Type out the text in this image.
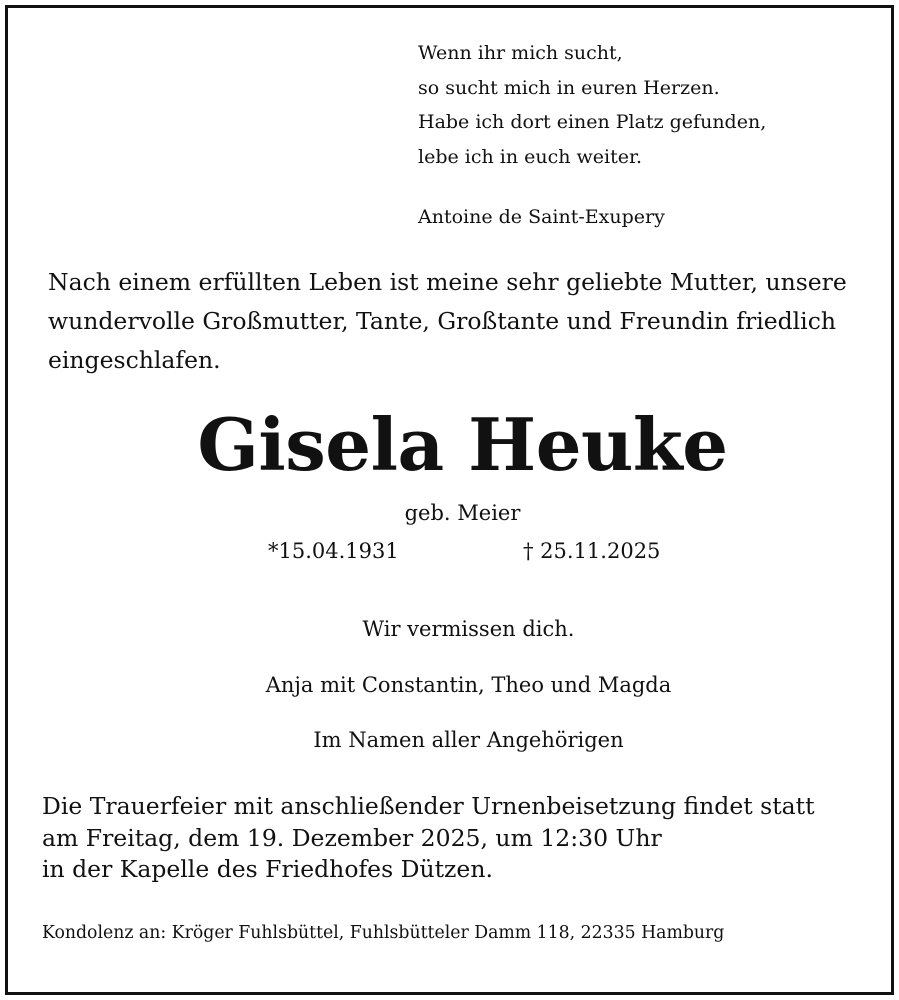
Wenn ihr mich sucht,
so sucht mich in euren Herzen.
Habe ich dort einen Platz gefunden,
lebe ich in euch weiter.
Antoine de Saint-Exupery
Nach einem erfüllten Leben ist meine sehr geliebte Mutter, unsere
wundervolle Großmutter, Tante, Großtante und Freundin friedlich
eingeschlafen.
Gisela Heuke
geb. Meier
*15.04.1931	† 25.11.2025
Wir vermissen dich.
Anja mit Constantin, Theo und Magda
Im Namen aller Angehörigen
Die Trauerfeier mit anschließender Urnenbeisetzung findet statt
am Freitag, dem 19. Dezember 2025, um 12:30 Uhr
in der Kapelle des Friedhofes Dützen.
Kondolenz an: Kröger Fuhlsbüttel, Fuhlsbütteler Damm 118, 22335 Hamburg
